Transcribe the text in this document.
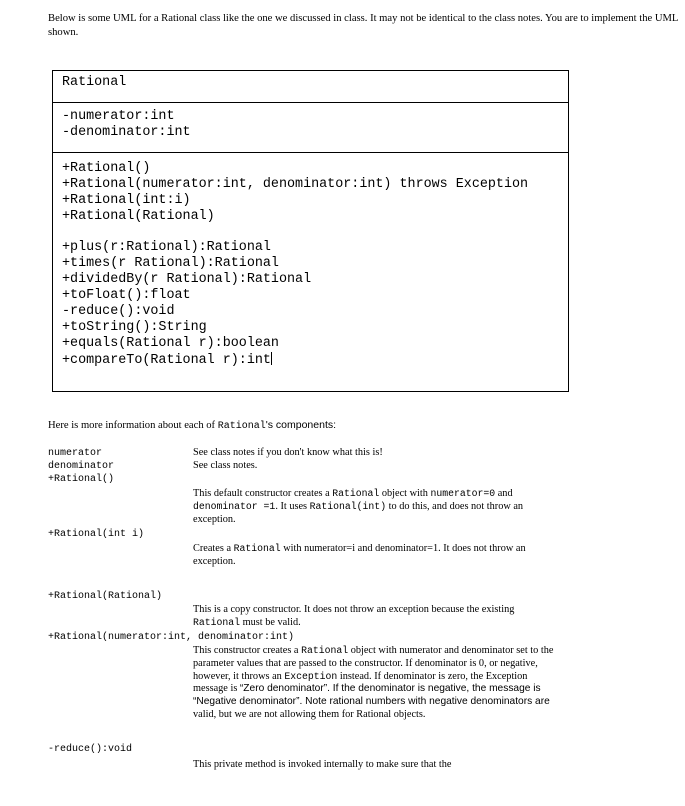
Below is some UML for a Rational class like the one we discussed in class. It may not be identical to the class notes. You are to implement the UML shown.
Rational
-numerator:int
-denominator:int
+Rational()
+Rational(numerator:int, denominator:int) throws Exception
+Rational(int:i)
+Rational(Rational)
+plus(r:Rational):Rational
+times(r Rational):Rational
+dividedBy(r Rational):Rational
+toFloat():float
-reduce():void
+toString():String
+equals(Rational r):boolean
+compareTo(Rational r):int
Here is more information about each of Rational's components:
numerator	See class notes if you don't know what this is!
denominator	See class notes.
+Rational()
This default constructor creates a Rational object with numerator=0 and denominator =1. It uses Rational(int) to do this, and does not throw an exception.
+Rational(int i)
Creates a Rational with numerator=i and denominator=1. It does not throw an exception.
+Rational(Rational)
This is a copy constructor. It does not throw an exception because the existing Rational must be valid.
+Rational(numerator:int, denominator:int)
This constructor creates a Rational object with numerator and denominator set to the parameter values that are passed to the constructor. If denominator is 0, or negative, however, it throws an Exception instead. If denominator is zero, the Exception message is “Zero denominator”. If the denominator is negative, the message is “Negative denominator”. Note rational numbers with negative denominators are valid, but we are not allowing them for Rational objects.
-reduce():void
This private method is invoked internally to make sure that the
